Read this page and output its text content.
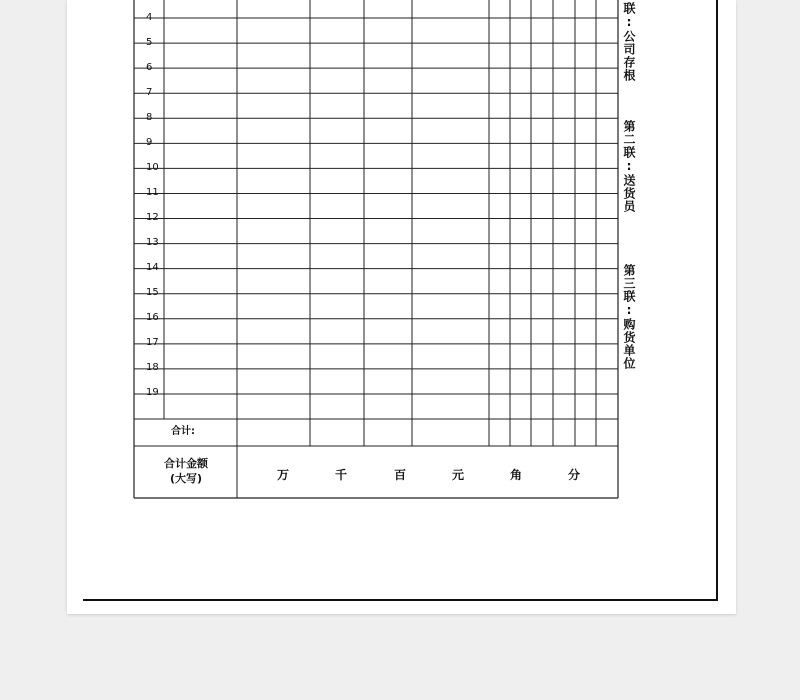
4
5
6
7
8
9
10
11
12
13
14
15
16
17
18
19
合计:
合计金额
(大写)	万	千	百	元	角	分
联:公司存根
第二联:送货员
第三联:购货单位
